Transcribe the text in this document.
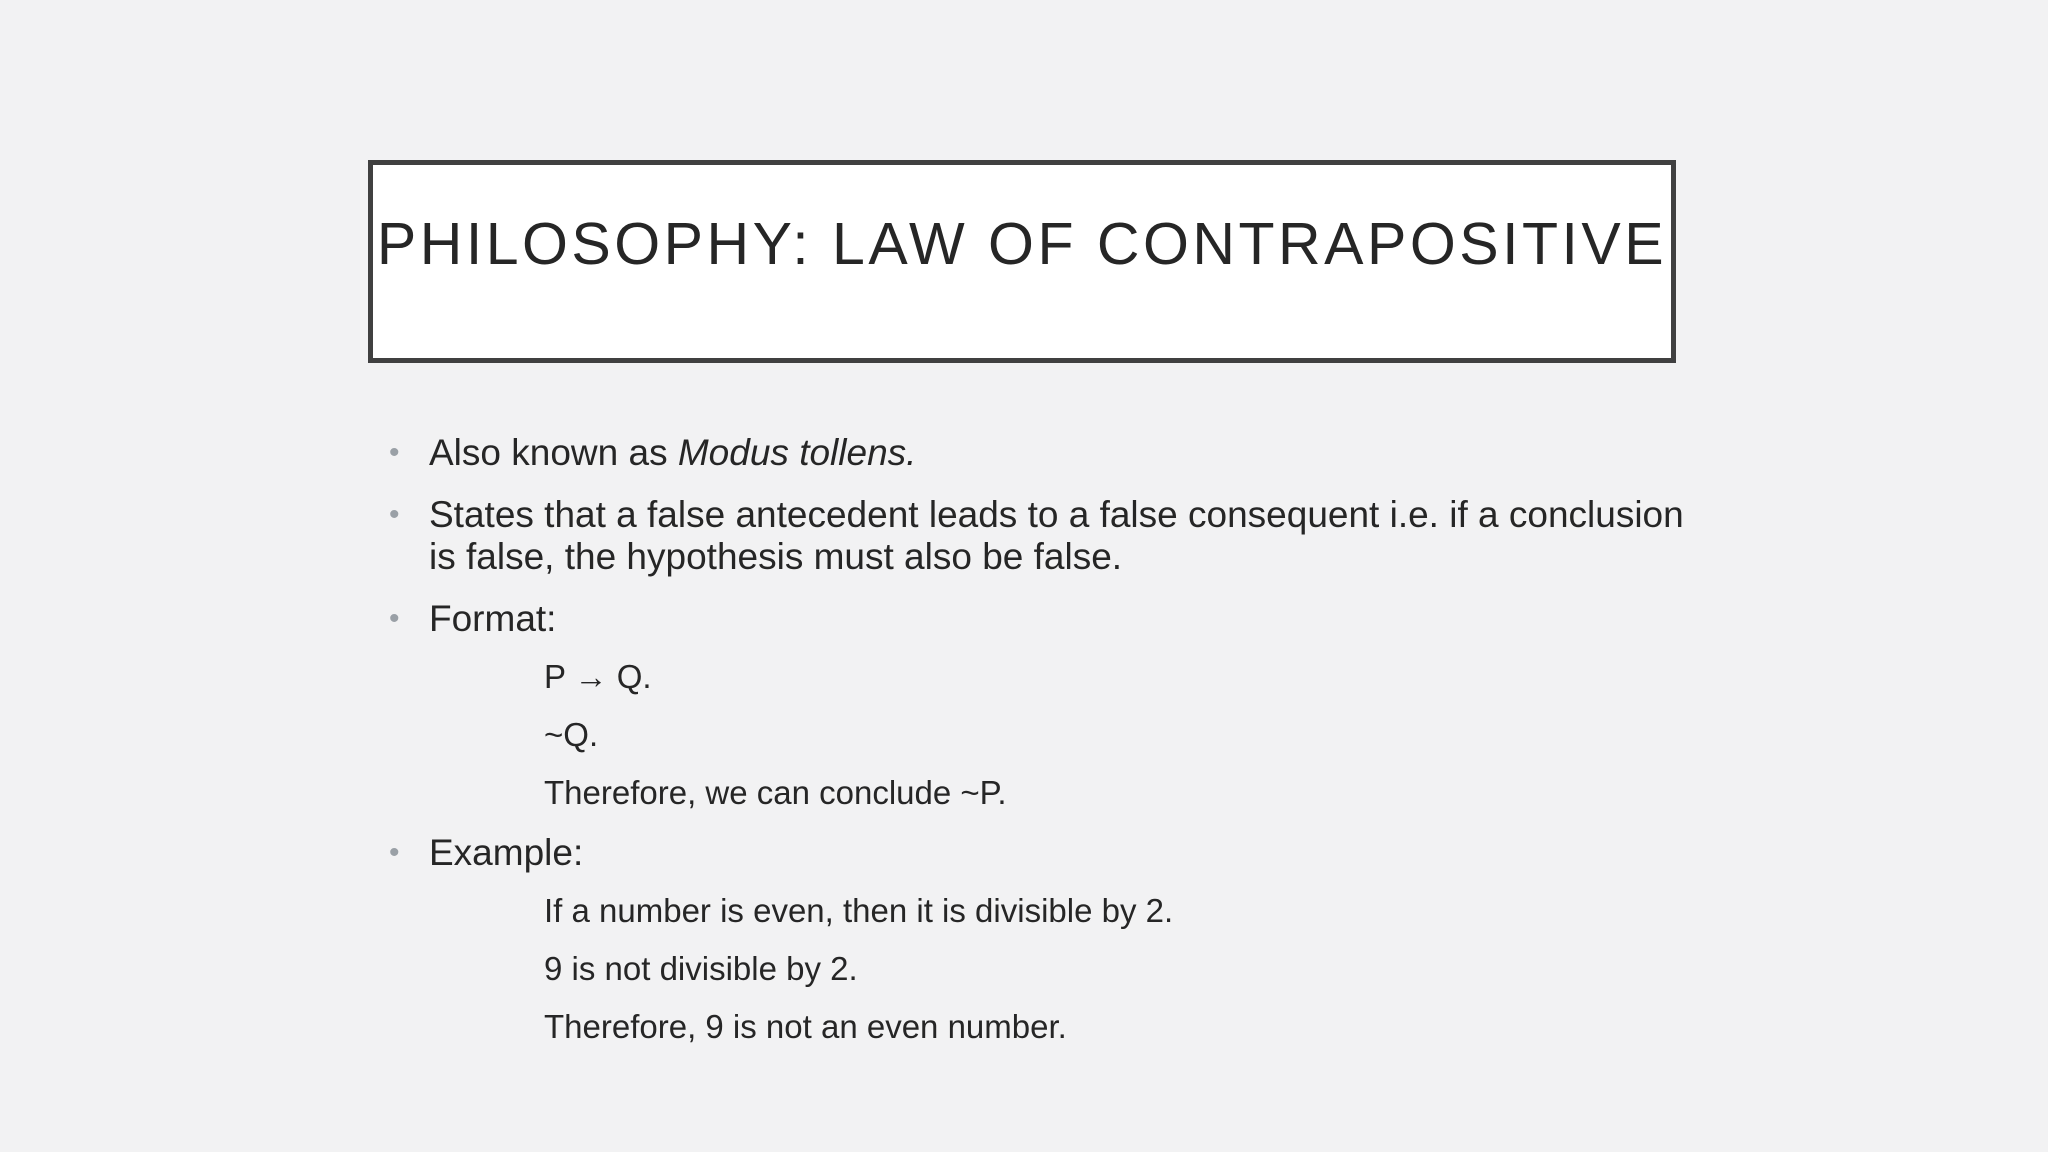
PHILOSOPHY: LAW OF CONTRAPOSITIVE
• Also known as Modus tollens.
• States that a false antecedent leads to a false consequent i.e. if a conclusion is false, the hypothesis must also be false.
• Format:
P → Q.
~Q.
Therefore, we can conclude ~P.
• Example:
If a number is even, then it is divisible by 2.
9 is not divisible by 2.
Therefore, 9 is not an even number.
